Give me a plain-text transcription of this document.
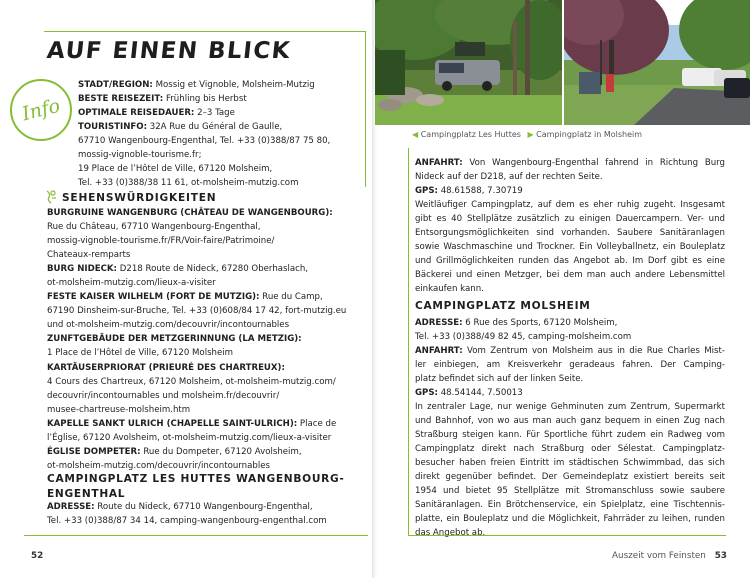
AUF EINEN BLICK
Info
STADT/REGION: Mossig et Vignoble, Molsheim-Mutzig
BESTE REISEZEIT: Frühling bis Herbst
OPTIMALE REISEDAUER: 2–3 Tage
TOURISTINFO: 32A Rue du Général de Gaulle,
67710 Wangenbourg-Engenthal, Tel. +33 (0)388/87 75 80,
mossig-vignoble-tourisme.fr;
19 Place de l’Hôtel de Ville, 67120 Molsheim,
Tel. +33 (0)388/38 11 61, ot-molsheim-mutzig.com
SEHENSWÜRDIGKEITEN
BURGRUINE WANGENBURG (CHÂTEAU DE WANGENBOURG):
Rue du Château, 67710 Wangenbourg-Engenthal,
mossig-vignoble-tourisme.fr/FR/Voir-faire/Patrimoine/
Chateaux-remparts
BURG NIDECK: D218 Route de Nideck, 67280 Oberhaslach,
ot-molsheim-mutzig.com/lieux-a-visiter
FESTE KAISER WILHELM (FORT DE MUTZIG): Rue du Camp,
67190 Dinsheim-sur-Bruche, Tel. +33 (0)608/84 17 42, fort-mutzig.eu
und ot-molsheim-mutzig.com/decouvrir/incontournables
ZUNFTGEBÄUDE DER METZGERINNUNG (LA METZIG):
1 Place de l’Hôtel de Ville, 67120 Molsheim
KARTÄUSERPRIORAT (PRIEURÉ DES CHARTREUX):
4 Cours des Chartreux, 67120 Molsheim, ot-molsheim-mutzig.com/
decouvrir/incontournables und molsheim.fr/decouvrir/
musee-chartreuse-molsheim.htm
KAPELLE SANKT ULRICH (CHAPELLE SAINT-ULRICH): Place de
l’Église, 67120 Avolsheim, ot-molsheim-mutzig.com/lieux-a-visiter
ÉGLISE DOMPETER: Rue du Dompeter, 67120 Avolsheim,
ot-molsheim-mutzig.com/decouvrir/incontournables
CAMPINGPLATZ LES HUTTES WANGENBOURG-
ENGENTHAL
ADRESSE: Route du Nideck, 67710 Wangenbourg-Engenthal,
Tel. +33 (0)388/87 34 14, camping-wangenbourg-engenthal.com
52
◀ Campingplatz Les Huttes ▶ Campingplatz in Molsheim
ANFAHRT: Von Wangenbourg-Engenthal fahrend in Richtung Burg
Nideck auf der D218, auf der rechten Seite.
GPS: 48.61588, 7.30719
Weitläufiger Campingplatz, auf dem es eher ruhig zugeht. Insgesamt
gibt es 40 Stellplätze zusätzlich zu einigen Dauercampern. Ver- und
Entsorgungsmöglichkeiten sind vorhanden. Saubere Sanitäranlagen
sowie Waschmaschine und Trockner. Ein Volleyballnetz, ein Bouleplatz
und Grillmöglichkeiten runden das Angebot ab. Im Dorf gibt es eine
Bäckerei und einen Metzger, bei dem man auch andere Lebensmittel
einkaufen kann.
CAMPINGPLATZ MOLSHEIM
ADRESSE: 6 Rue des Sports, 67120 Molsheim,
Tel. +33 (0)388/49 82 45, camping-molsheim.com
ANFAHRT: Vom Zentrum von Molsheim aus in die Rue Charles Mist-
ler einbiegen, am Kreisverkehr geradeaus fahren. Der Camping-
platz befindet sich auf der linken Seite.
GPS: 48.54144, 7.50013
In zentraler Lage, nur wenige Gehminuten zum Zentrum, Supermarkt
und Bahnhof, von wo aus man auch ganz bequem in einen Zug nach
Straßburg steigen kann. Für Sportliche führt zudem ein Radweg vom
Campingplatz direkt nach Straßburg oder Sélestat. Campingplatz-
besucher haben freien Eintritt im städtischen Schwimmbad, das sich
direkt gegenüber befindet. Der Gemeindeplatz existiert bereits seit
1954 und bietet 95 Stellplätze mit Stromanschluss sowie saubere
Sanitäranlagen. Ein Brötchenservice, ein Spielplatz, eine Tischtennis-
platte, ein Bouleplatz und die Möglichkeit, Fahrräder zu leihen, runden
das Angebot ab.
Auszeit vom Feinsten 53
